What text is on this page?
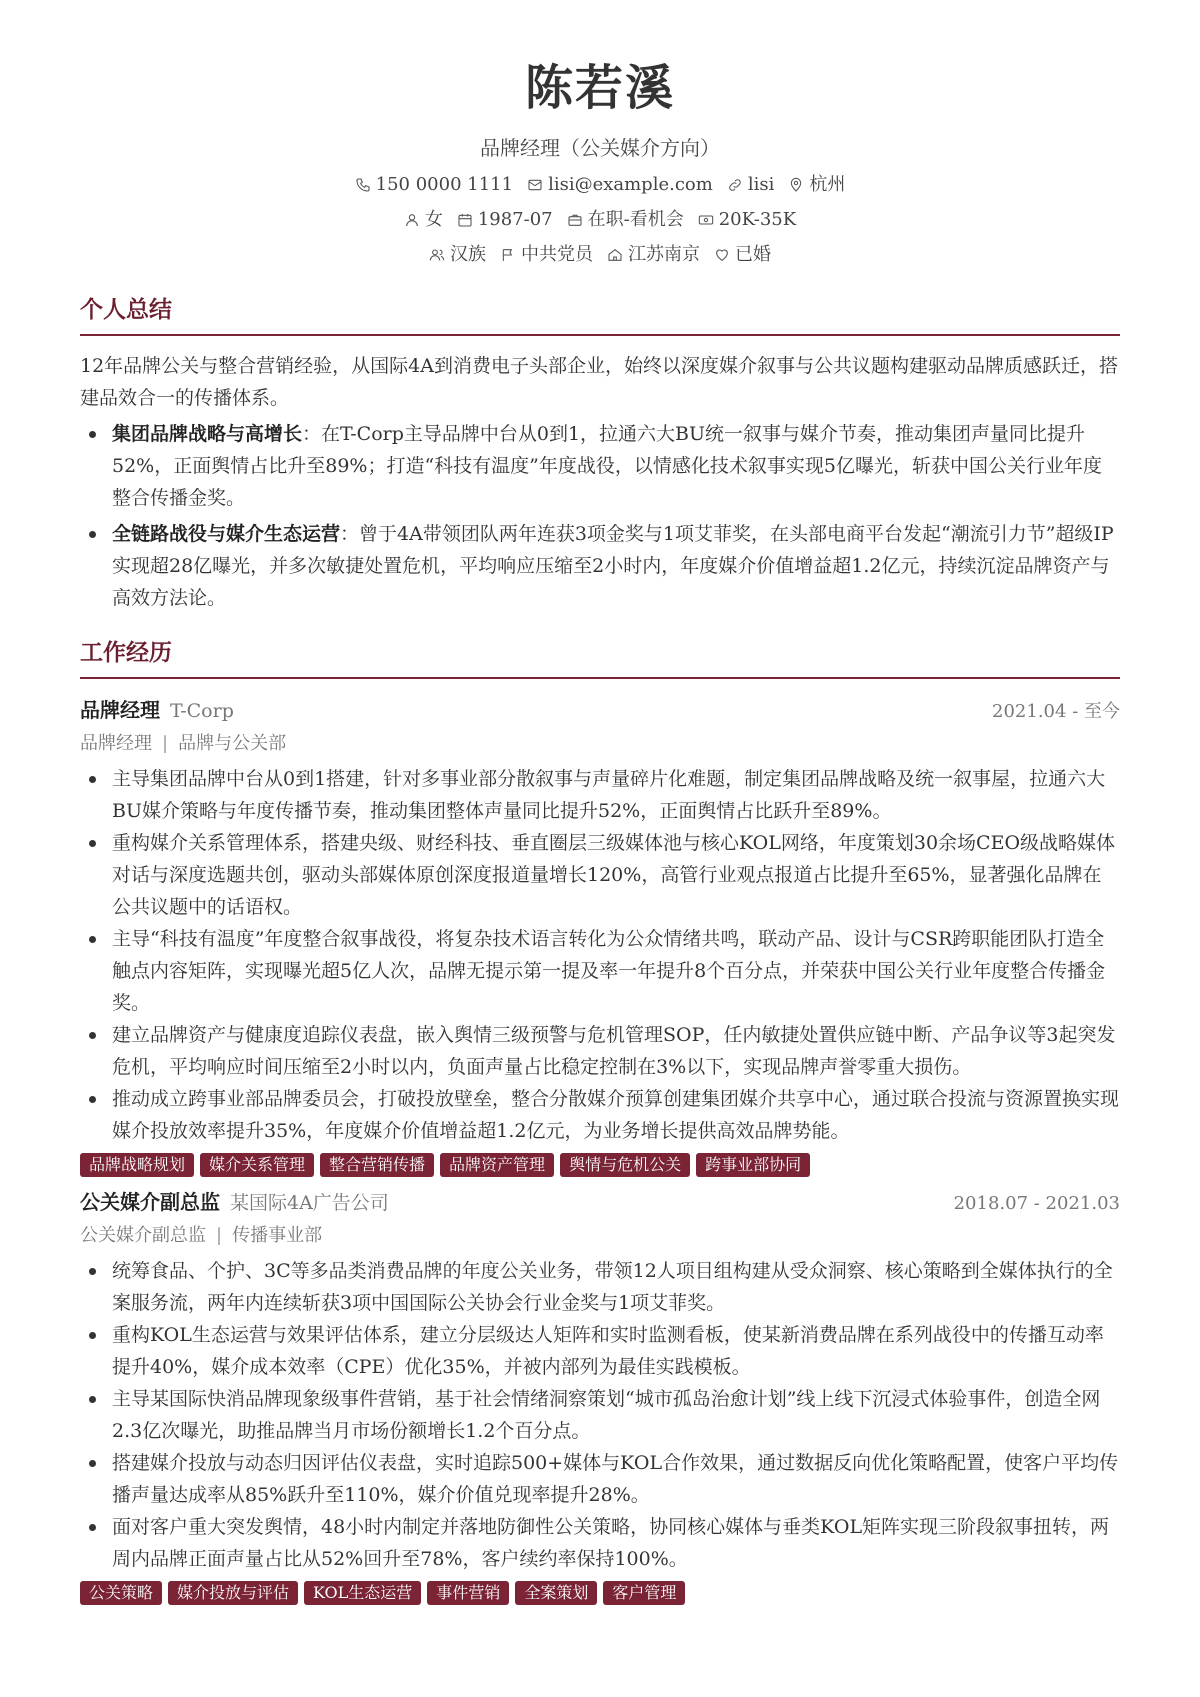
陈若溪
品牌经理（公关媒介方向）
150 0000 1111 lisi@example.com lisi 杭州
女 1987-07 在职-看机会 20K-35K
汉族 中共党员 江苏南京 已婚
个人总结
12年品牌公关与整合营销经验，从国际4A到消费电子头部企业，始终以深度媒介叙事与公共议题构建驱动品牌质感跃迁，搭建品效合一的传播体系。
集团品牌战略与高增长：在T-Corp主导品牌中台从0到1，拉通六大BU统一叙事与媒介节奏，推动集团声量同比提升52%，正面舆情占比升至89%；打造“科技有温度”年度战役，以情感化技术叙事实现5亿曝光，斩获中国公关行业年度整合传播金奖。
全链路战役与媒介生态运营：曾于4A带领团队两年连获3项金奖与1项艾菲奖，在头部电商平台发起“潮流引力节”超级IP实现超28亿曝光，并多次敏捷处置危机，平均响应压缩至2小时内，年度媒介价值增益超1.2亿元，持续沉淀品牌资产与高效方法论。
工作经历
品牌经理 T-Corp	2021.04 - 至今
品牌经理 | 品牌与公关部
主导集团品牌中台从0到1搭建，针对多事业部分散叙事与声量碎片化难题，制定集团品牌战略及统一叙事屋，拉通六大BU媒介策略与年度传播节奏，推动集团整体声量同比提升52%，正面舆情占比跃升至89%。
重构媒介关系管理体系，搭建央级、财经科技、垂直圈层三级媒体池与核心KOL网络，年度策划30余场CEO级战略媒体对话与深度选题共创，驱动头部媒体原创深度报道量增长120%，高管行业观点报道占比提升至65%，显著强化品牌在公共议题中的话语权。
主导“科技有温度”年度整合叙事战役，将复杂技术语言转化为公众情绪共鸣，联动产品、设计与CSR跨职能团队打造全触点内容矩阵，实现曝光超5亿人次，品牌无提示第一提及率一年提升8个百分点，并荣获中国公关行业年度整合传播金奖。
建立品牌资产与健康度追踪仪表盘，嵌入舆情三级预警与危机管理SOP，任内敏捷处置供应链中断、产品争议等3起突发危机，平均响应时间压缩至2小时以内，负面声量占比稳定控制在3%以下，实现品牌声誉零重大损伤。
推动成立跨事业部品牌委员会，打破投放壁垒，整合分散媒介预算创建集团媒介共享中心，通过联合投流与资源置换实现媒介投放效率提升35%，年度媒介价值增益超1.2亿元，为业务增长提供高效品牌势能。
品牌战略规划	媒介关系管理	整合营销传播	品牌资产管理	舆情与危机公关	跨事业部协同
公关媒介副总监 某国际4A广告公司	2018.07 - 2021.03
公关媒介副总监 | 传播事业部
统筹食品、个护、3C等多品类消费品牌的年度公关业务，带领12人项目组构建从受众洞察、核心策略到全媒体执行的全案服务流，两年内连续斩获3项中国国际公关协会行业金奖与1项艾菲奖。
重构KOL生态运营与效果评估体系，建立分层级达人矩阵和实时监测看板，使某新消费品牌在系列战役中的传播互动率提升40%，媒介成本效率（CPE）优化35%，并被内部列为最佳实践模板。
主导某国际快消品牌现象级事件营销，基于社会情绪洞察策划“城市孤岛治愈计划”线上线下沉浸式体验事件，创造全网2.3亿次曝光，助推品牌当月市场份额增长1.2个百分点。
搭建媒介投放与动态归因评估仪表盘，实时追踪500+媒体与KOL合作效果，通过数据反向优化策略配置，使客户平均传播声量达成率从85%跃升至110%，媒介价值兑现率提升28%。
面对客户重大突发舆情，48小时内制定并落地防御性公关策略，协同核心媒体与垂类KOL矩阵实现三阶段叙事扭转，两周内品牌正面声量占比从52%回升至78%，客户续约率保持100%。
公关策略	媒介投放与评估	KOL生态运营	事件营销	全案策划	客户管理
